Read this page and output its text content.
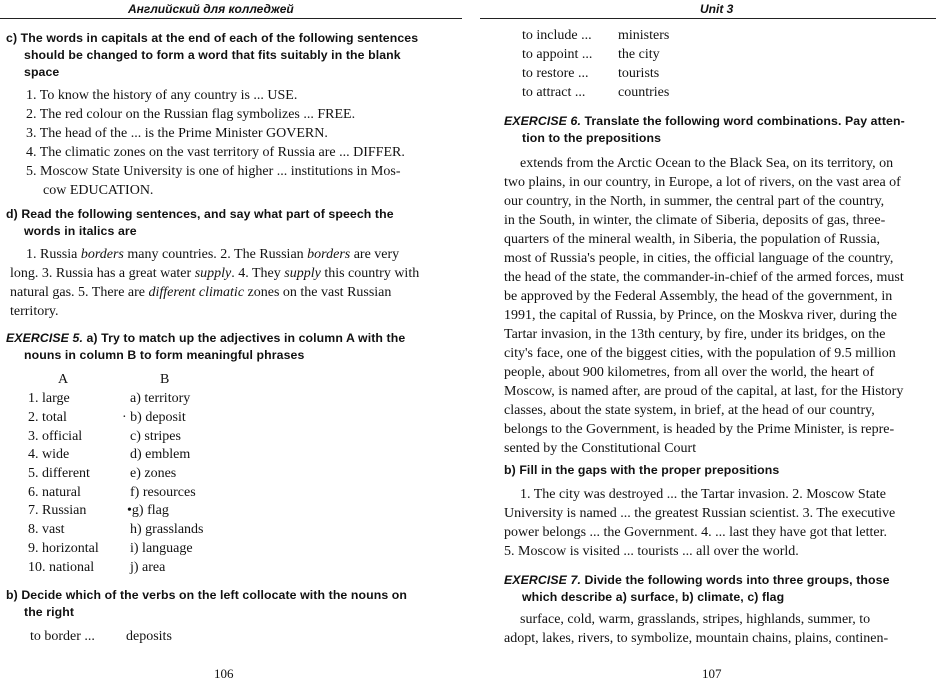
Английский для колледжей
c) The words in capitals at the end of each of the following sentences
should be changed to form a word that fits suitably in the blank
space
1. To know the history of any country is ... USE.
2. The red colour on the Russian flag symbolizes ... FREE.
3. The head of the ... is the Prime Minister GOVERN.
4. The climatic zones on the vast territory of Russia are ... DIFFER.
5. Moscow State University is one of higher ... institutions in Mos-
cow EDUCATION.
d) Read the following sentences, and say what part of speech the
words in italics are
1. Russia borders many countries. 2. The Russian borders are very
long. 3. Russia has a great water supply. 4. They supply this country with
natural gas. 5. There are different climatic zones on the vast Russian
territory.
EXERCISE 5. a) Try to match up the adjectives in column A with the
nouns in column B to form meaningful phrases
A	B
1. large
2. total
3. official
4. wide
5. different
6. natural
7. Russian
8. vast
9. horizontal
10. national
a) territory
· b) deposit
c) stripes
d) emblem
e) zones
f) resources
•g) flag
h) grasslands
i) language
j) area
b) Decide which of the verbs on the left collocate with the nouns on
the right
to border ... deposits
106
Unit 3
to include ... ministers
to appoint ... the city
to restore ... tourists
to attract ... countries
EXERCISE 6. Translate the following word combinations. Pay atten-
tion to the prepositions
extends from the Arctic Ocean to the Black Sea, on its territory, on
two plains, in our country, in Europe, a lot of rivers, on the vast area of
our country, in the North, in summer, the central part of the country,
in the South, in winter, the climate of Siberia, deposits of gas, three-
quarters of the mineral wealth, in Siberia, the population of Russia,
most of Russia's people, in cities, the official language of the country,
the head of the state, the commander-in-chief of the armed forces, must
be approved by the Federal Assembly, the head of the government, in
1991, the capital of Russia, by Prince, on the Moskva river, during the
Tartar invasion, in the 13th century, by fire, under its bridges, on the
city's face, one of the biggest cities, with the population of 9.5 million
people, about 900 kilometres, from all over the world, the heart of
Moscow, is named after, are proud of the capital, at last, for the History
classes, about the state system, in brief, at the head of our country,
belongs to the Government, is headed by the Prime Minister, is repre-
sented by the Constitutional Court
b) Fill in the gaps with the proper prepositions
1. The city was destroyed ... the Tartar invasion. 2. Moscow State
University is named ... the greatest Russian scientist. 3. The executive
power belongs ... the Government. 4. ... last they have got that letter.
5. Moscow is visited ... tourists ... all over the world.
EXERCISE 7. Divide the following words into three groups, those
which describe a) surface, b) climate, c) flag
surface, cold, warm, grasslands, stripes, highlands, summer, to
adopt, lakes, rivers, to symbolize, mountain chains, plains, continen-
107
